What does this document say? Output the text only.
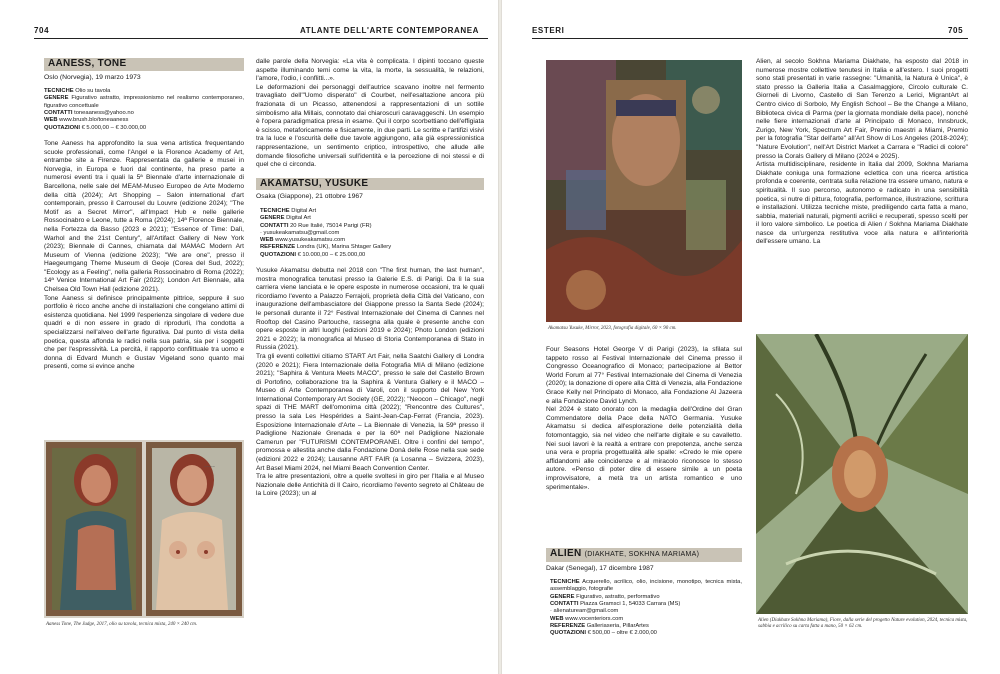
704	ATLANTE DELL'ARTE CONTEMPORANEA
AANESS, TONE
Oslo (Norvegia), 19 marzo 1973
TECNICHE Olio su tavola
GENERE Figurativo astratto, impressionismo nel realismo contemporaneo, figurativo concettuale
CONTATTI toneaaness@yahoo.no
WEB www.brush.blo/toneaaness
QUOTAZIONI € 5.000,00 – € 30.000,00

Tone Aaness ha approfondito la sua vena artistica frequentando scuole professionali, come l'Angel e la Florence Academy of Art, entrambe site a Firenze. Rappresentata da gallerie e musei in Norvegia, in Europa e fuori dal continente, ha preso parte a numerosi eventi tra i quali la 5ª Biennale d'arte internazionale di Barcellona, nelle sale del MEAM-Museo Europeo de Arte Moderno della città (2024); Art Shopping – Salon international d'art contemporain, presso il Carrousel du Louvre (edizione 2024); "The Motif as a Secret Mirror", all'Impact Hub e nelle gallerie Rossocinabro e Leone, tutte a Roma (2024); 14ª Florence Biennale, nella Fortezza da Basso (2023 e 2021); "Essence of Time: Dalì, Warhol and the 21st Century", all'Artifact Gallery di New York (2023); Biennale di Cannes, chiamata dal MAMAC Modern Art Museum of Vienna (edizione 2023); "We are one", presso il Haegeumgang Theme Museum di Geoje (Corea del Sud, 2022); "Ecology as a Feeling", nella galleria Rossocinabro di Roma (2022); 14ª Venice International Art Fair (2022); London Art Biennale, alla Chelsea Old Town Hall (edizione 2021).

Tone Aaness si definisce principalmente pittrice, seppure il suo portfolio è ricco anche anche di installazioni che congelano attimi di esistenza quotidiana. Nel 1999 l'esperienza singolare di vedere due quadri e di non essere in grado di riprodurli, l'ha condotta a specializzarsi nell'alveo dell'arte figurativa. Dal punto di vista della poetica, questa affonda le radici nella sua patria, sia per i soggetti che per l'espressività. La percità, il rapporto conflittuale tra uomo e donna di Edvard Munch e Gustav Vigeland sono quanto mai presenti, come si evince anche

~~~~
Aaness Tone, The Judge, 2017, olio su tavola, tecnica mista, 240 × 240 cm.

dalle parole della Norvegia: «La vita è complicata. I dipinti toccano queste aspette illuminando temi come la vita, la morte, la sessualità, le relazioni, l'amore, l'odio, i conflitti...».

Le deformazioni dei personaggi dell'autrice scavano inoltre nel fermento travagliato dell'"Uomo disperato" di Courbet, nell'esaltazione ancora più frazionata di un Picasso, attenendosi a rappresentazioni di un sottile simbolismo alla Millais, connotato dai chiaroscuri caravaggeschi. Un esempio è l'opera paradigmatica presa in esame. Qui il corpo scorbettiano dell'effigiata è scisso, metaforicamente e fisicamente, in due parti. Le scritte e l'artifizi visivi tra la luce e l'oscurità delle due tavole aggiungono, alla già espressionistica rappresentazione, un sentimento cripticо, introspettivo, che allude alle domande filosofiche universali sull'identità e la percezione di noi stessi e di quel che ci circonda.

AKAMATSU, YUSUKE
Osaka (Giappone), 21 ottobre 1967
TECNICHE Digital Art
GENERE Digital Art
CONTATTI 20 Rue Italié, 75014 Parigi (FR)
· yusukeakamatsu@gmail.com
WEB www.yusukeakamatsu.com
REFERENZE Londra (UK), Marina Shtager Gallery
QUOTAZIONI € 10.000,00 – € 25.000,00

Yusuke Akamatsu debutta nel 2018 con "The first human, the last human", mostra monografica tenutasi presso la Galerie E.S. di Parigi. Da lì la sua carriera viene lanciata e le opere esposte in numerose occasioni, tra le quali ricordiamo l'evento a Palazzo Ferrajoli, proprietà della Città del Vaticano, con inaugurazione dell'ambasciatore del Giappone presso la Santa Sede (2024); le personali durante il 72° Festival Internazionale del Cinema di Cannes nel Rooftop del Casino Partouche, rassegna alla quale è presente anche con opere esposte in altri luoghi (edizioni 2019 e 2024); Photo London (edizioni 2021 e 2022); la monografica al Museo di Storia Contemporanea di Stato in Russia (2021).

Tra gli eventi collettivi citiamo START Art Fair, nella Saatchi Gallery di Londra (2020 e 2021); Fiera Internazionale della Fotografia MIA di Milano (edizione 2021); "Saphira & Ventura Meets MACO", presso le sale del Castello Brown di Portofino, collaborazione tra la Saphira & Ventura Gallery e il MACO – Museo di Arte Contemporanea di Varoli, con il supporto del New York International Contemporary Art Society (GE, 2022); "Neocon – Chicago", negli spazi di THE MART dell'omonima città (2022); "Rencontre des Cultures", presso la sala Les Hespérides a Saint-Jean-Cap-Ferrat (Francia, 2023). Esposizione Internazionale d'Arte – La Biennale di Venezia, la 59ª presso il Padiglione Nazionale Grenada e per la 60ª nel Padiglione Nazionale Camerun per "FUTURISMI CONTEMPORANEI. Oltre i confini del tempo", promossa e allestita anche dalla Fondazione Donà delle Rose nella sue sede (edizioni 2022 e 2024); Lausanne ART FAIR (a Losanna – Svizzera, 2023), Art Basel Miami 2024, nel Miami Beach Convention Center.

Tra le altre presentazioni, oltre a quelle svoltesi in giro per l'Italia e al Museo Nazionale delle Antichità di Il Cairo, ricordiamo l'evento segreto al Château de la Loire (2023); un al

ESTERI	705
Akamatsu Yusuke, Mirror, 2023, fotografia digitale, 60 × 90 cm.

Four Seasons Hotel George V di Parigi (2023), la sfilata sul tappeto rosso al Festival Internazionale del Cinema presso il Congresso Oceanografico di Monaco; partecipazione al Bettor World Forum al 77° Festival Internazionale del Cinema di Venezia (2020); la donazione di opere alla Città di Venezia, alla Fondazione Grace Kelly nel Principato di Monaco, alla Fondazione Al Jazeera e alla Fondazione David Lynch.

Nel 2024 è stato onorato con la medaglia dell'Ordine del Gran Commendatore della Pace della NATO Germania. Yusuke Akamatsu si dedica all'esplorazione delle potenzialità della fotomontaggio, sia nel video che nell'arte digitale e su cavalletto. Nei suoi lavori è la realtà a entrare con prepotenza, anche senza una vera e propria progettualità alle spalle: «Credo le mie opere affidandomi alle coincidenze e al miracolo riconosce lo stesso autore. «Penso di poter dire di essere simile a un poeta improvvisatore, a metà tra un artista romantico e uno sperimentale».

ALIEN (DIAKHATE, SOKHNA MARIAMA)
Dakar (Senegal), 17 dicembre 1987
TECNICHE Acquerello, acrilico, olio, incisione, monotipo, tecnica mista, assemblaggio, fotografie
GENERE Figurativo, astratto, performativo
CONTATTI Piazza Gramsci 1, 54033 Carrara (MS)
· alienaturearr@gmail.com
WEB www.vocenteriors.com
REFERENZE Galleriaseria, PillarArtes
QUOTAZIONI € 500,00 – oltre € 2.000,00

Alien, al secolo Sokhna Mariama Diakhate, ha esposto dal 2018 in numerose mostre collettive tenutesi in Italia e all'estero. I suoi progetti sono stati presentati in varie rassegne: "Umanità, la Natura è Unica", è stato presso la Galleria Italia a Casalmaggiore, Circolo culturale C. Giorneli di Livorno, Castello di San Terenzo a Lerici, MigrantArt al Centro civico di Sorbolo, My English School – Be the Change a Milano, Biblioteca civica di Parma (per la giornata mondiale della pace), nonché nelle fiere internazionali d'arte al Principato di Monaco, Innsbruck, Zurigo, New York, Spectrum Art Fair, Premio maestri a Miami, Premio per la fotografia "Star dell'arte" all'Art Show di Los Angeles (2018-2024); "Nature Evolution", nell'Art District Market a Carrara e "Radici di colore" presso la Corals Gallery di Milano (2024 e 2025).

Artista multidisciplinare, residente in Italia dal 2009, Sokhna Mariama Diakhate coniuga una formazione eclettica con una ricerca artistica profonda e coerente, centrata sulla relazione tra essere umano, natura e spiritualità. Il suo percorso, autonomo e radicato in una sensibilità poetica, si nutre di pittura, fotografia, performance, illustrazione, scrittura e installazioni. Utilizza tecniche miste, prediligendo carta fatta a mano, sabbia, materiali naturali, pigmenti acrilici e recuperati, spesso scelti per il loro valore simbolico. Le poetica di Alien / Sokhna Mariama Diakhate nasce da un'urgenza restitutiva voce alla natura e all'interiorità dell'essere umano. La

Alien (Diakhate Sokhna Mariama), Fiore, dalla serie del progetto Nature evolution, 2024, tecnica mista, sabbia e acrilico su carta fatta a mano, 50 × 62 cm.
